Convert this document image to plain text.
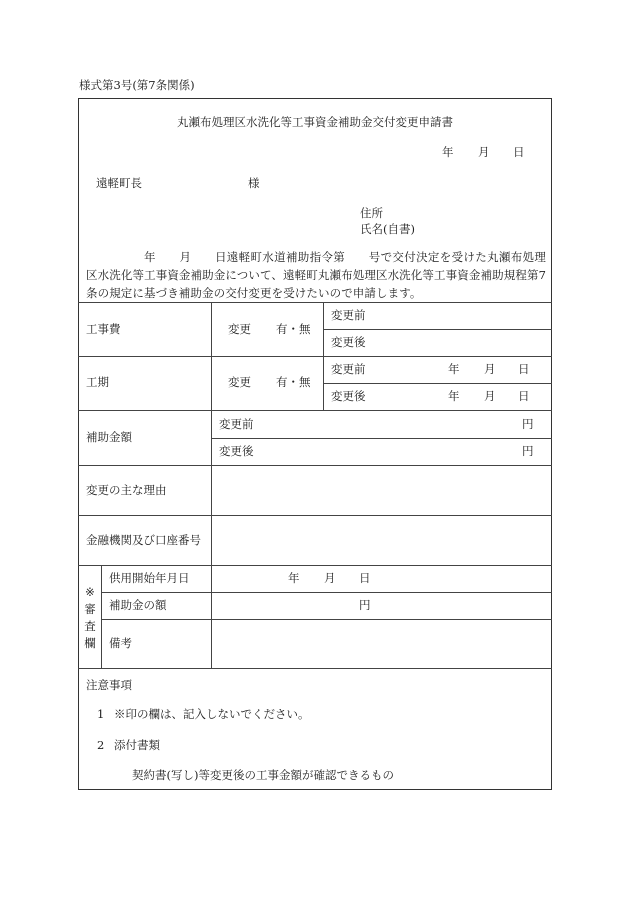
様式第3号(第7条関係)
丸瀬布処理区水洗化等工事資金補助金交付変更申請書
年 月 日
遠軽町長	様
住所
氏名(自書)
年　　月　　日遠軽町水道補助指令第　　号で交付決定を受けた丸瀬布処理区水洗化等工事資金補助金について、遠軽町丸瀬布処理区水洗化等工事資金補助規程第7条の規定に基づき補助金の交付変更を受けたいので申請します。
工事費	変更 有・無
変更前
変更後
工期	変更 有・無
変更前	年 月 日
変更後	年 月 日
補助金額
変更前	円
変更後	円
変更の主な理由
金融機関及び口座番号
※
審
査
欄
供用開始年月日	年 月 日
補助金の額	円
備考
注意事項
1 ※印の欄は、記入しないでください。
2 添付書類
契約書(写し)等変更後の工事金額が確認できるもの
